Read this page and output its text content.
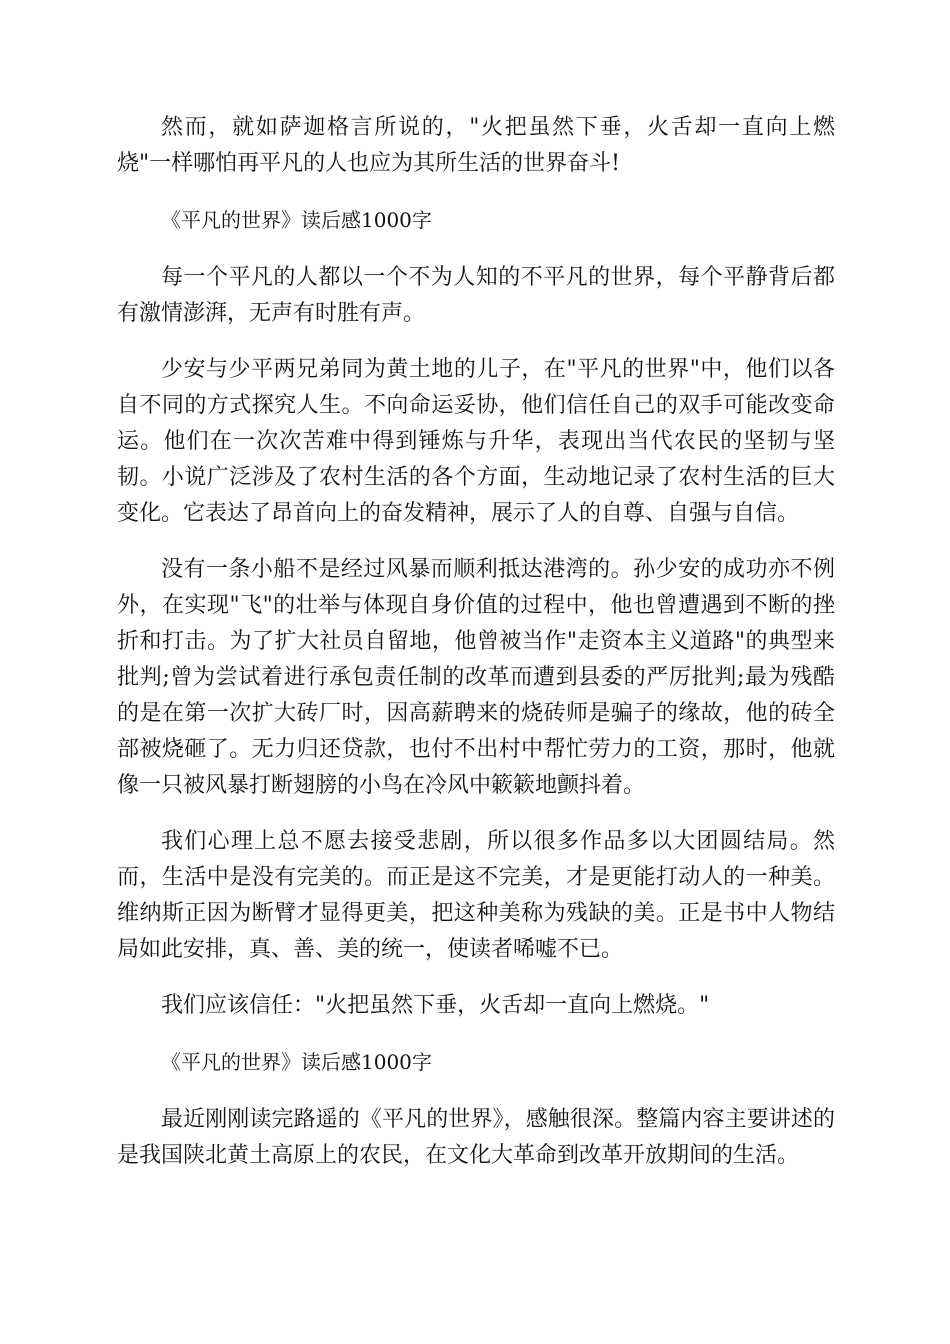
然而，就如萨迦格言所说的，"火把虽然下垂，火舌却一直向上燃烧"一样哪怕再平凡的人也应为其所生活的世界奋斗!

《平凡的世界》读后感1000字

每一个平凡的人都以一个不为人知的不平凡的世界，每个平静背后都有激情澎湃，无声有时胜有声。

少安与少平两兄弟同为黄土地的儿子，在"平凡的世界"中，他们以各自不同的方式探究人生。不向命运妥协，他们信任自己的双手可能改变命运。他们在一次次苦难中得到锤炼与升华，表现出当代农民的坚韧与坚韧。小说广泛涉及了农村生活的各个方面，生动地记录了农村生活的巨大变化。它表达了昂首向上的奋发精神，展示了人的自尊、自强与自信。

没有一条小船不是经过风暴而顺利抵达港湾的。孙少安的成功亦不例外，在实现"飞"的壮举与体现自身价值的过程中，他也曾遭遇到不断的挫折和打击。为了扩大社员自留地，他曾被当作"走资本主义道路"的典型来批判;曾为尝试着进行承包责任制的改革而遭到县委的严厉批判;最为残酷的是在第一次扩大砖厂时，因高薪聘来的烧砖师是骗子的缘故，他的砖全部被烧砸了。无力归还贷款，也付不出村中帮忙劳力的工资，那时，他就像一只被风暴打断翅膀的小鸟在冷风中簌簌地颤抖着。

我们心理上总不愿去接受悲剧，所以很多作品多以大团圆结局。然而，生活中是没有完美的。而正是这不完美，才是更能打动人的一种美。维纳斯正因为断臂才显得更美，把这种美称为残缺的美。正是书中人物结局如此安排，真、善、美的统一，使读者唏嘘不已。

我们应该信任："火把虽然下垂，火舌却一直向上燃烧。"

《平凡的世界》读后感1000字

最近刚刚读完路遥的《平凡的世界》，感触很深。整篇内容主要讲述的是我国陕北黄土高原上的农民，在文化大革命到改革开放期间的生活。
